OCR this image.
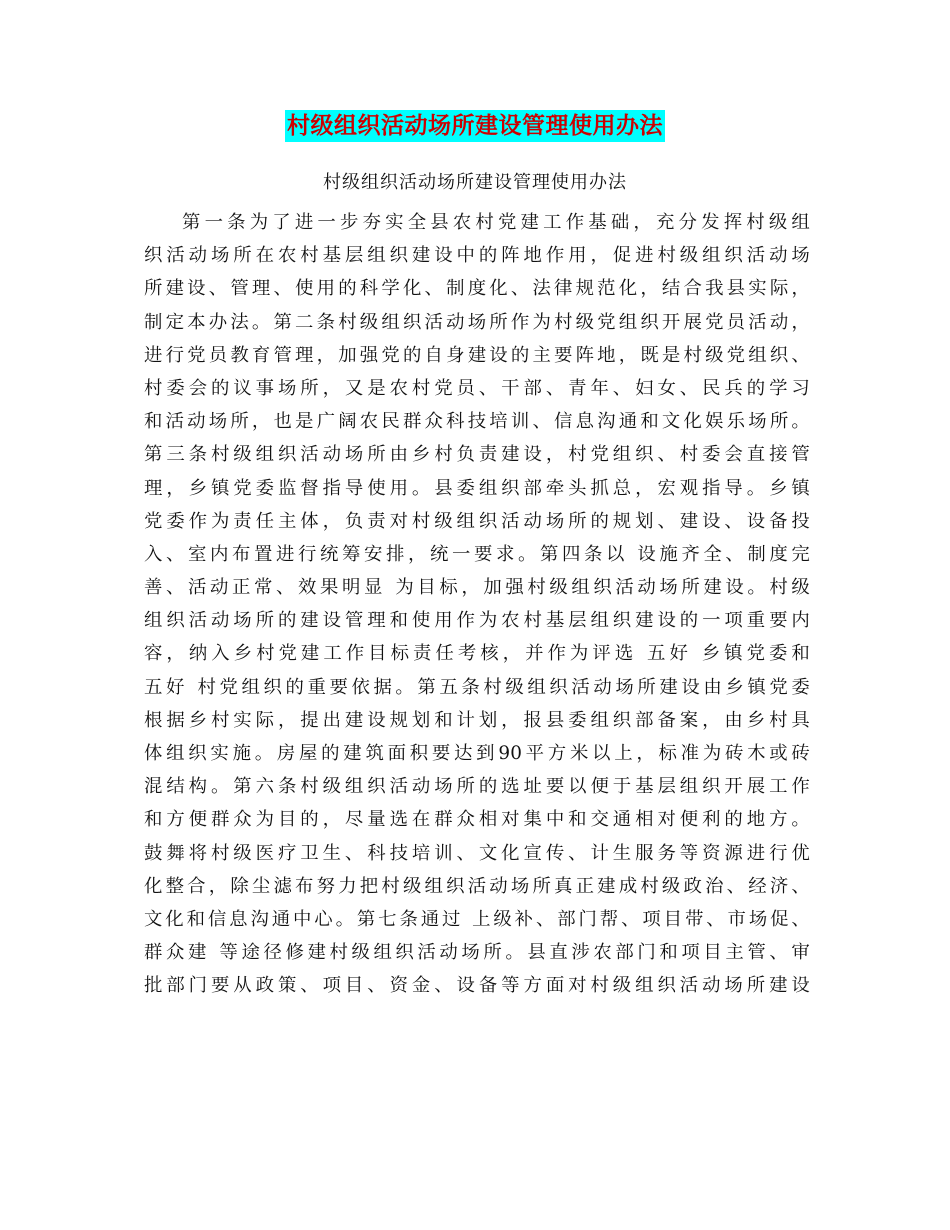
村级组织活动场所建设管理使用办法
村级组织活动场所建设管理使用办法
第一条为了进一步夯实全县农村党建工作基础，充分发挥村级组
织活动场所在农村基层组织建设中的阵地作用，促进村级组织活动场
所建设、管理、使用的科学化、制度化、法律规范化，结合我县实际，
制定本办法。第二条村级组织活动场所作为村级党组织开展党员活动，
进行党员教育管理，加强党的自身建设的主要阵地，既是村级党组织、
村委会的议事场所，又是农村党员、干部、青年、妇女、民兵的学习
和活动场所，也是广阔农民群众科技培训、信息沟通和文化娱乐场所。
第三条村级组织活动场所由乡村负责建设，村党组织、村委会直接管
理，乡镇党委监督指导使用。县委组织部牵头抓总，宏观指导。乡镇
党委作为责任主体，负责对村级组织活动场所的规划、建设、设备投
入、室内布置进行统筹安排，统一要求。第四条以 设施齐全、制度完
善、活动正常、效果明显 为目标，加强村级组织活动场所建设。村级
组织活动场所的建设管理和使用作为农村基层组织建设的一项重要内
容，纳入乡村党建工作目标责任考核，并作为评选 五好 乡镇党委和
五好 村党组织的重要依据。第五条村级组织活动场所建设由乡镇党委
根据乡村实际，提出建设规划和计划，报县委组织部备案，由乡村具
体组织实施。房屋的建筑面积要达到90平方米以上，标准为砖木或砖
混结构。第六条村级组织活动场所的选址要以便于基层组织开展工作
和方便群众为目的，尽量选在群众相对集中和交通相对便利的地方。
鼓舞将村级医疗卫生、科技培训、文化宣传、计生服务等资源进行优
化整合，除尘滤布努力把村级组织活动场所真正建成村级政治、经济、
文化和信息沟通中心。第七条通过 上级补、部门帮、项目带、市场促、
群众建 等途径修建村级组织活动场所。县直涉农部门和项目主管、审
批部门要从政策、项目、资金、设备等方面对村级组织活动场所建设
